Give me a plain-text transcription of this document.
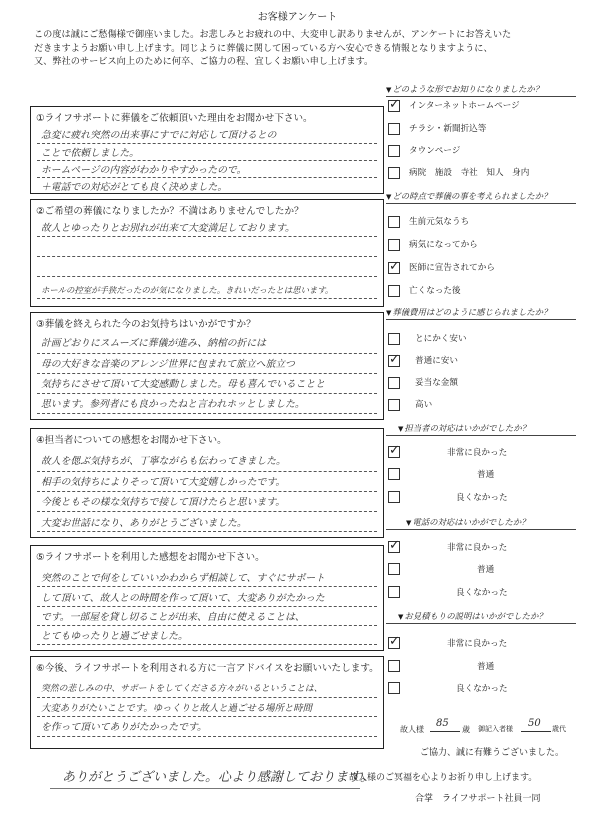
お客様アンケート
この度は誠にご愁傷様で御座いました。お悲しみとお疲れの中、大変申し訳ありませんが、アンケートにお答えいた
だきますようお願い申し上げます。同じように葬儀に関して困っている方へ安心できる情報となりますように、
又、弊社のサービス向上のために何卒、ご協力の程、宜しくお願い申し上げます。
①ライフサポートに葬儀をご依頼頂いた理由をお聞かせ下さい。
急変に疲れ突然の出来事にすでに対応して頂けるとの
ことで依頼しました。
ホームページの内容がわかりやすかったので。
＋電話での対応がとても良く決めました。
②ご希望の葬儀になりましたか？不満はありませんでしたか？
故人とゆったりとお別れが出来て大変満足しております。
ホールの控室が手狭だったのが気になりました。きれいだったとは思います。
③葬儀を終えられた今のお気持ちはいかがですか？
計画どおりにスムーズに葬儀が進み、納棺の折には
母の大好きな音楽のアレンジ世界に包まれて旅立へ旅立つ
気持ちにさせて頂いて大変感動しました。母も喜んでいることと
思います。参列者にも良かったねと言われホッとしました。
④担当者についての感想をお聞かせ下さい。
故人を偲ぶ気持ちが、丁寧ながらも伝わってきました。
相手の気持ちによりそって頂いて大変嬉しかったです。
今後ともその様な気持ちで接して頂けたらと思います。
大変お世話になり、ありがとうございました。
⑤ライフサポートを利用した感想をお聞かせ下さい。
突然のことで何をしていいかわからず相談して、すぐにサポート
して頂いて、故人との時間を作って頂いて、大変ありがたかった
です。一部屋を貸し切ることが出来、自由に使えることは、
とてもゆったりと過ごせました。
⑥今後、ライフサポートを利用される方に一言アドバイスをお願いいたします。
突然の悲しみの中、サポートをしてくださる方々がいるということは、
大変ありがたいことです。ゆっくりと故人と過ごせる場所と時間
を作って頂いてありがたかったです。
▼どのような形でお知りになりましたか？
✓
インターネットホームページ
チラシ・新聞折込等
タウンページ
病院　施設　寺社　知人　身内
▼どの時点で葬儀の事を考えられましたか？
生前元気なうち
病気になってから
✓
医師に宣告されてから
亡くなった後
▼葬儀費用はどのように感じられましたか？
とにかく安い
✓
普通に安い
妥当な金額
高い
▼担当者の対応はいかがでしたか？
✓
非常に良かった
普通
良くなかった
▼電話の対応はいかがでしたか？
✓
非常に良かった
普通
良くなかった
▼お見積もりの説明はいかがでしたか？
✓
非常に良かった
普通
良くなかった
故人様
85
歳 御記入者様 50 歳代
ご協力、誠に有難うございました。
ありがとうございました。心より感謝しております。
故人様のご冥福を心よりお祈り申し上げます。
合掌　ライフサポート社員一同
